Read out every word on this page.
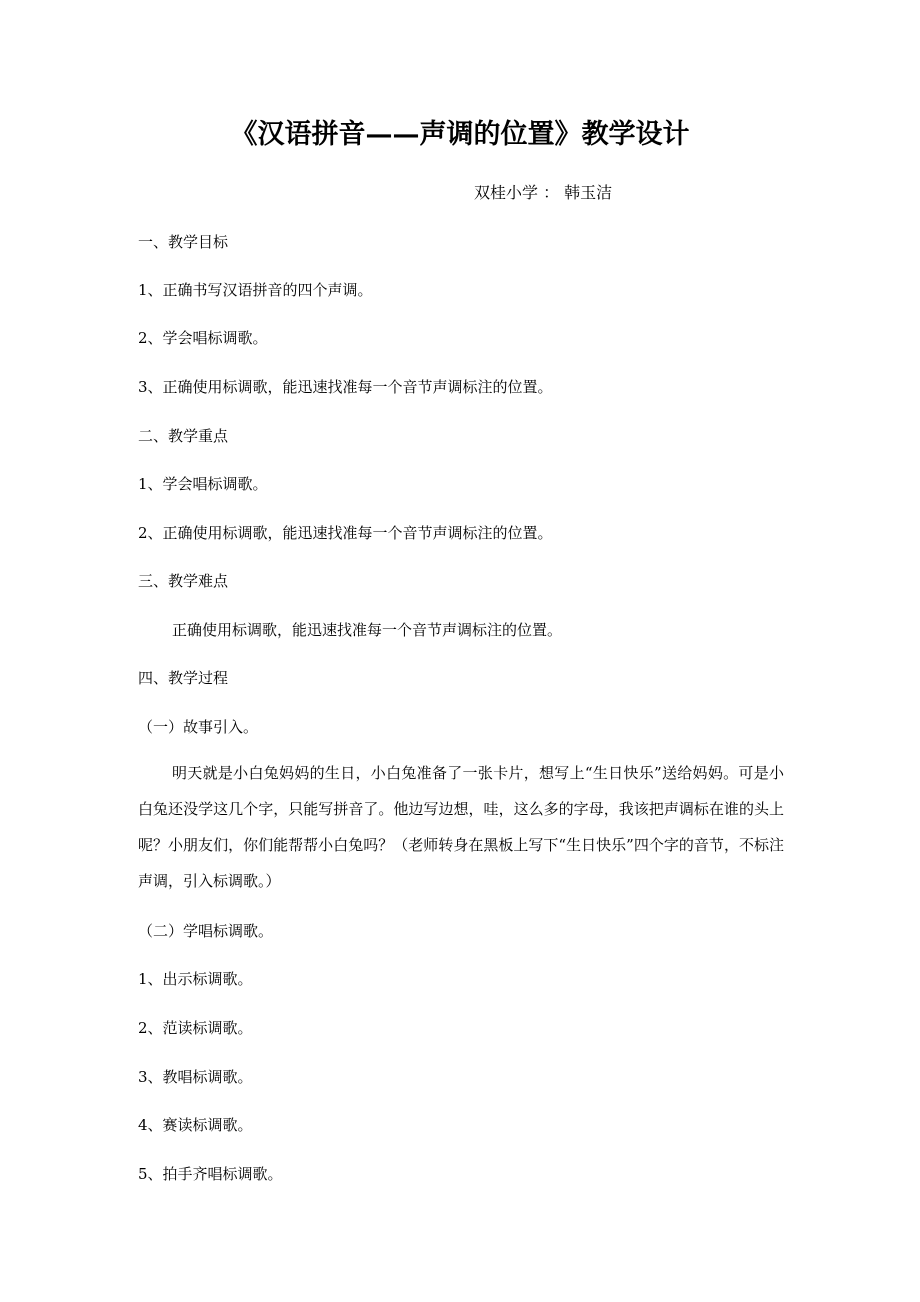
《汉语拼音——声调的位置》教学设计
双桂小学 ： 韩玉洁
一、教学目标
1、正确书写汉语拼音的四个声调。
2、学会唱标调歌。
3、正确使用标调歌，能迅速找准每一个音节声调标注的位置。
二、教学重点
1、学会唱标调歌。
2、正确使用标调歌，能迅速找准每一个音节声调标注的位置。
三、教学难点
正确使用标调歌，能迅速找准每一个音节声调标注的位置。
四、教学过程
（一）故事引入。
明天就是小白兔妈妈的生日，小白兔准备了一张卡片，想写上“生日快乐”送给妈妈。可是小白兔还没学这几个字，只能写拼音了。他边写边想，哇，这么多的字母，我该把声调标在谁的头上呢？小朋友们，你们能帮帮小白兔吗？（老师转身在黑板上写下“生日快乐”四个字的音节，不标注声调，引入标调歌。）
（二）学唱标调歌。
1、出示标调歌。
2、范读标调歌。
3、教唱标调歌。
4、赛读标调歌。
5、拍手齐唱标调歌。
